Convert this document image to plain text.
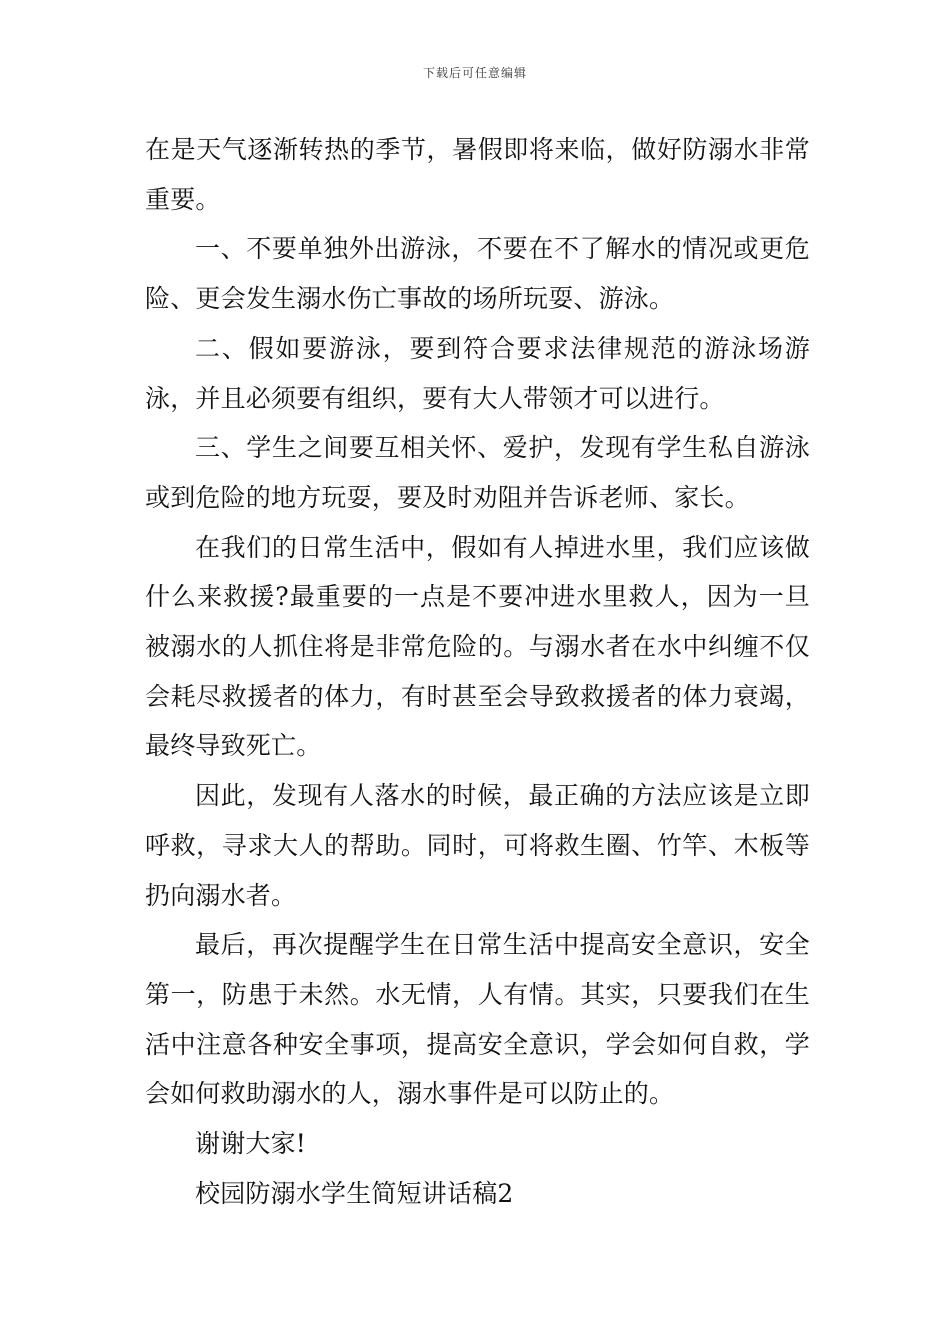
下载后可任意编辑

在是天气逐渐转热的季节，暑假即将来临，做好防溺水非常重要。

一、不要单独外出游泳，不要在不了解水的情况或更危险、更会发生溺水伤亡事故的场所玩耍、游泳。

二、假如要游泳，要到符合要求法律规范的游泳场游泳，并且必须要有组织，要有大人带领才可以进行。

三、学生之间要互相关怀、爱护，发现有学生私自游泳或到危险的地方玩耍，要及时劝阻并告诉老师、家长。

在我们的日常生活中，假如有人掉进水里，我们应该做什么来救援?最重要的一点是不要冲进水里救人，因为一旦被溺水的人抓住将是非常危险的。与溺水者在水中纠缠不仅会耗尽救援者的体力，有时甚至会导致救援者的体力衰竭，最终导致死亡。

因此，发现有人落水的时候，最正确的方法应该是立即呼救，寻求大人的帮助。同时，可将救生圈、竹竿、木板等扔向溺水者。

最后，再次提醒学生在日常生活中提高安全意识，安全第一，防患于未然。水无情，人有情。其实，只要我们在生活中注意各种安全事项，提高安全意识，学会如何自救，学会如何救助溺水的人，溺水事件是可以防止的。

谢谢大家!

校园防溺水学生简短讲话稿2
